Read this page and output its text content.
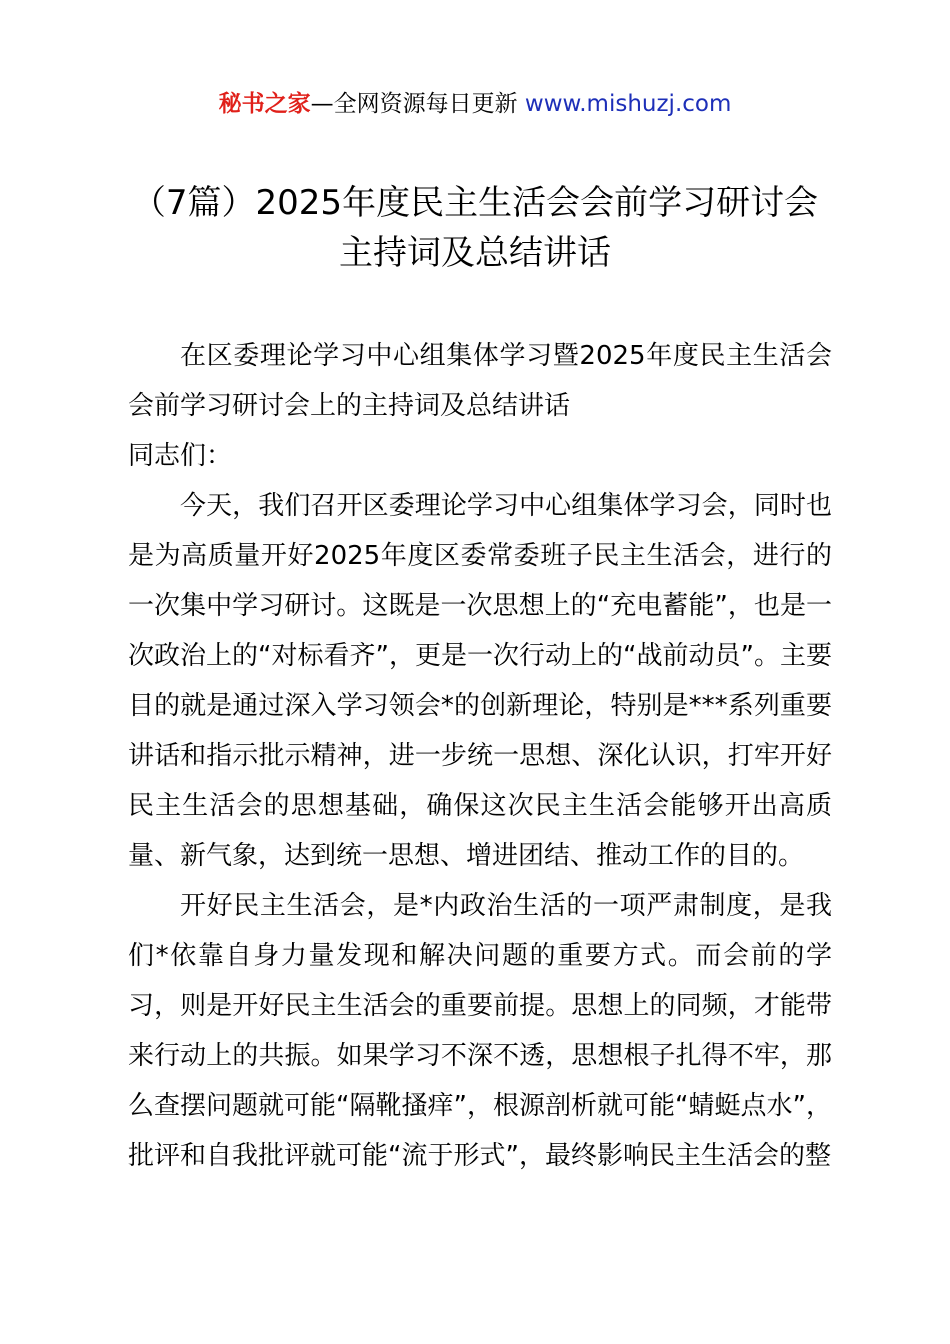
秘书之家—全网资源每日更新 www.mishuzj.com
（7篇）2025年度民主生活会会前学习研讨会
主持词及总结讲话

在区委理论学习中心组集体学习暨2025年度民主生活会会前学习研讨会上的主持词及总结讲话

同志们：

今天，我们召开区委理论学习中心组集体学习会，同时也是为高质量开好2025年度区委常委班子民主生活会，进行的一次集中学习研讨。这既是一次思想上的“充电蓄能”，也是一次政治上的“对标看齐”，更是一次行动上的“战前动员”。主要目的就是通过深入学习领会*的创新理论，特别是***系列重要讲话和指示批示精神，进一步统一思想、深化认识，打牢开好民主生活会的思想基础，确保这次民主生活会能够开出高质量、新气象，达到统一思想、增进团结、推动工作的目的。

开好民主生活会，是*内政治生活的一项严肃制度，是我们*依靠自身力量发现和解决问题的重要方式。而会前的学习，则是开好民主生活会的重要前提。思想上的同频，才能带来行动上的共振。如果学习不深不透，思想根子扎得不牢，那么查摆问题就可能“隔靴搔痒”，根源剖析就可能“蜻蜓点水”，批评和自我批评就可能“流于形式”，最终影响民主生活会的整
